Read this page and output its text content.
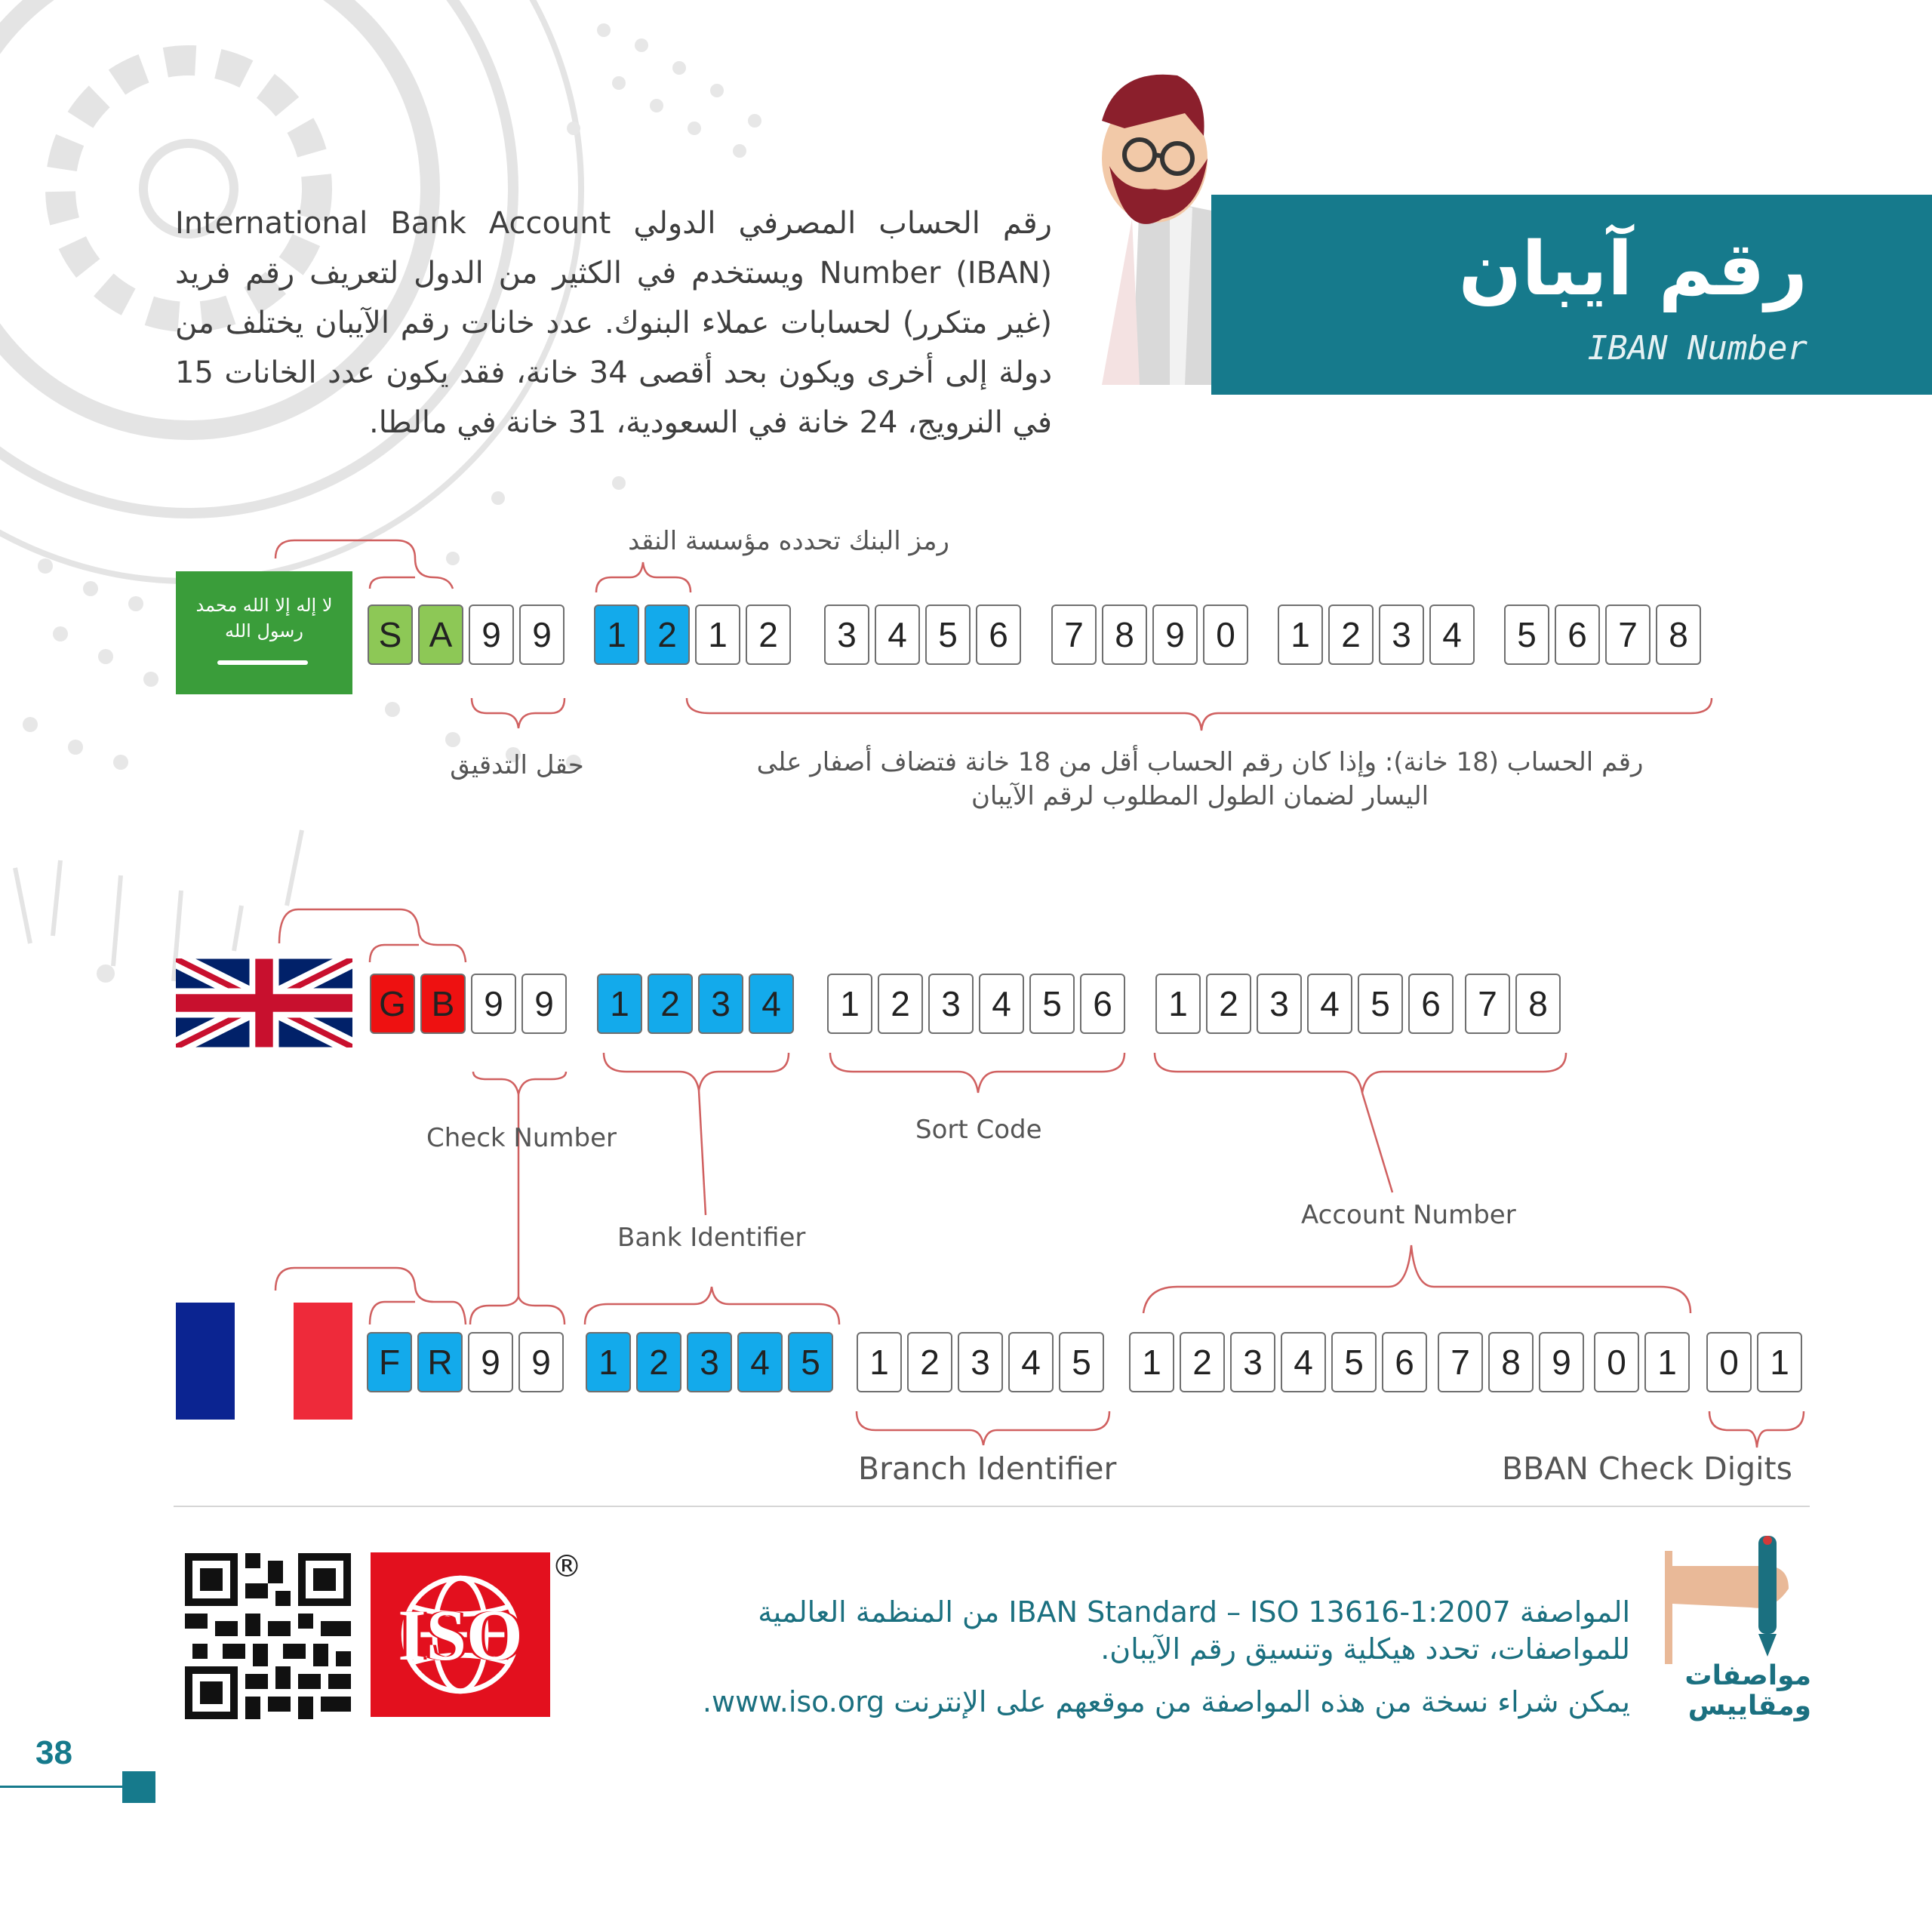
رقم آيبان
IBAN Number
رقم الحساب المصرفي الدولي International Bank Account Number (IBAN) ويستخدم في الكثير من الدول لتعريف رقم فريد (غير متكرر) لحسابات عملاء البنوك. عدد خانات رقم الآيبان يختلف من دولة إلى أخرى ويكون بحد أقصى 34 خانة، فقد يكون عدد الخانات 15 في النرويج، 24 خانة في السعودية، 31 خانة في مالطا.
لا إله إلا الله محمد رسول الله	S A 9 9	1 2 1 2	3 4 5 6	7 8 9 0	1 2 3 4	5 6 7 8
رمز البنك تحدده مؤسسة النقد
حقل التدقيق	رقم الحساب (18 خانة): وإذا كان رقم الحساب أقل من 18 خانة فتضاف أصفار على
اليسار لضمان الطول المطلوب لرقم الآيبان
G B 9 9	1 2 3 4	1 2 3 4 5 6	1 2 3 4 5 6	7 8
F R 9 9	1 2 3 4 5	1 2 3 4 5	1 2 3 4 5 6	7 8 9	0 1	0 1
Check Number	Sort Code
Bank Identifier
Account Number
Branch Identifier	BBAN Check Digits
ISO
®
المواصفة IBAN Standard – ISO 13616-1:2007 من المنظمة العالمية
للمواصفات، تحدد هيكلية وتنسيق رقم الآيبان.
يمكن شراء نسخة من هذه المواصفة من موقعهم على الإنترنت www.iso.org.
مواصفات
ومقاييس
38
